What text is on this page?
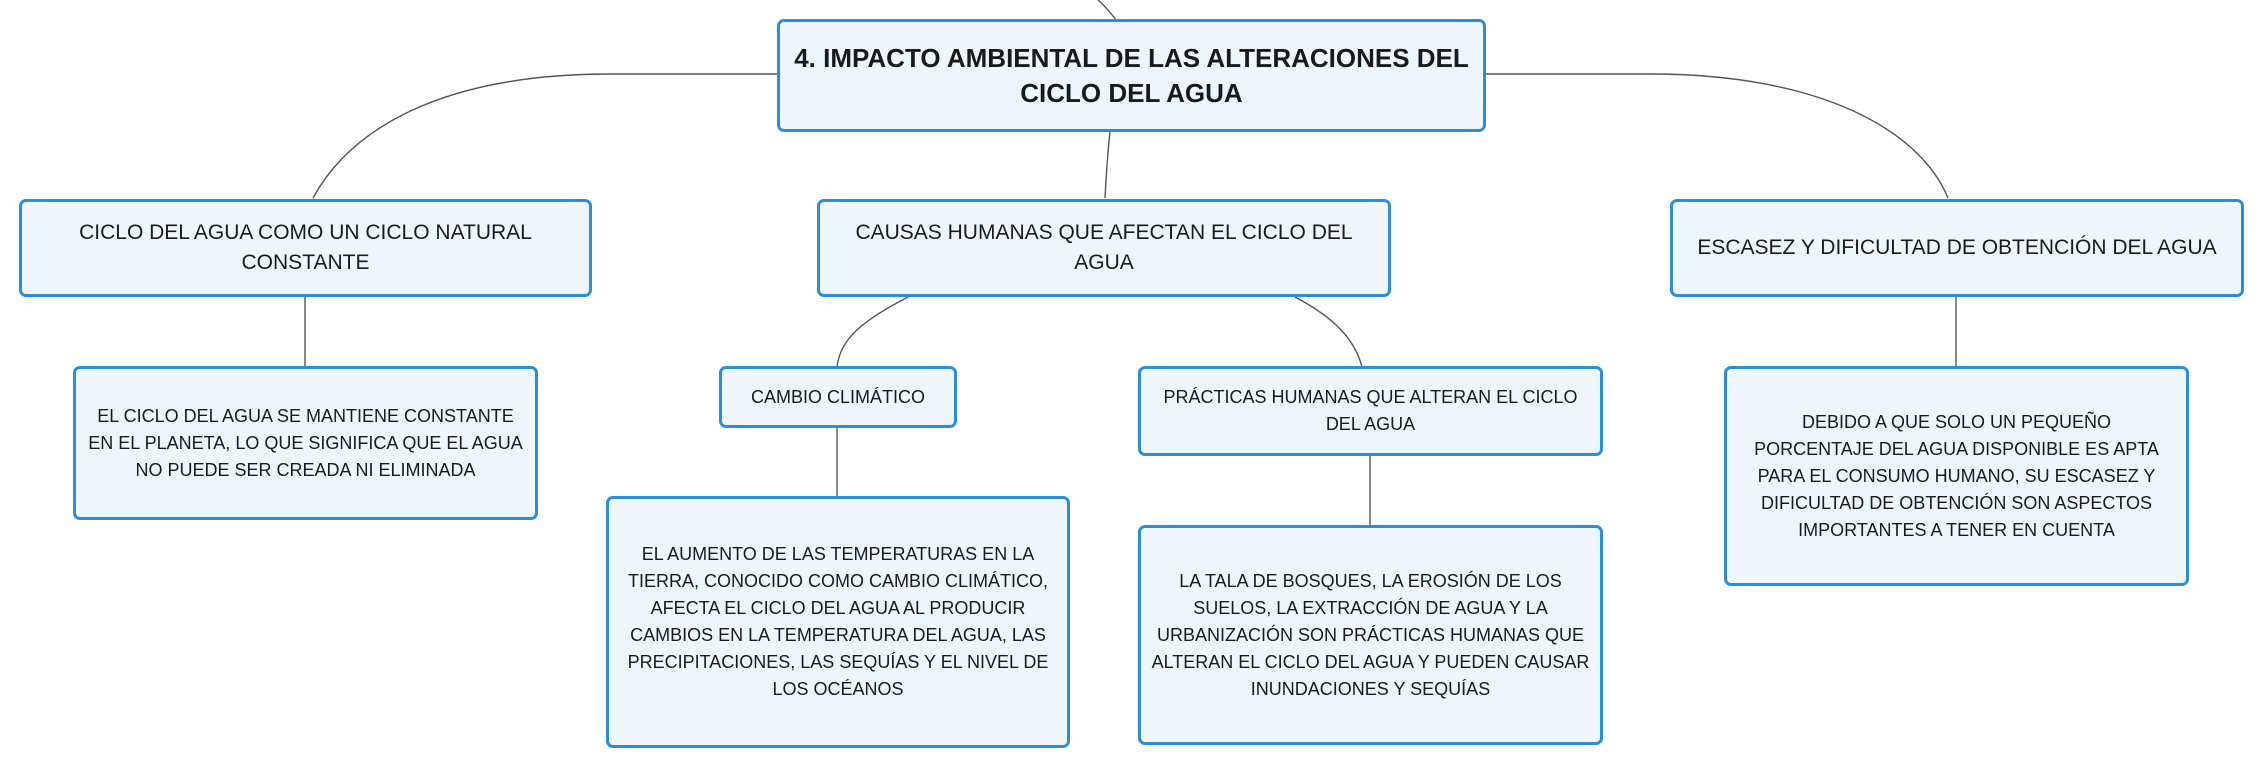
4. IMPACTO AMBIENTAL DE LAS ALTERACIONES DEL CICLO DEL AGUA
CICLO DEL AGUA COMO UN CICLO NATURAL CONSTANTE
CAUSAS HUMANAS QUE AFECTAN EL CICLO DEL AGUA
ESCASEZ Y DIFICULTAD DE OBTENCIÓN DEL AGUA
EL CICLO DEL AGUA SE MANTIENE CONSTANTE EN EL PLANETA, LO QUE SIGNIFICA QUE EL AGUA NO PUEDE SER CREADA NI ELIMINADA
CAMBIO CLIMÁTICO	PRÁCTICAS HUMANAS QUE ALTERAN EL CICLO DEL AGUA
EL AUMENTO DE LAS TEMPERATURAS EN LA TIERRA, CONOCIDO COMO CAMBIO CLIMÁTICO, AFECTA EL CICLO DEL AGUA AL PRODUCIR CAMBIOS EN LA TEMPERATURA DEL AGUA, LAS PRECIPITACIONES, LAS SEQUÍAS Y EL NIVEL DE LOS OCÉANOS
LA TALA DE BOSQUES, LA EROSIÓN DE LOS SUELOS, LA EXTRACCIÓN DE AGUA Y LA URBANIZACIÓN SON PRÁCTICAS HUMANAS QUE ALTERAN EL CICLO DEL AGUA Y PUEDEN CAUSAR INUNDACIONES Y SEQUÍAS
DEBIDO A QUE SOLO UN PEQUEÑO PORCENTAJE DEL AGUA DISPONIBLE ES APTA PARA EL CONSUMO HUMANO, SU ESCASEZ Y DIFICULTAD DE OBTENCIÓN SON ASPECTOS IMPORTANTES A TENER EN CUENTA
